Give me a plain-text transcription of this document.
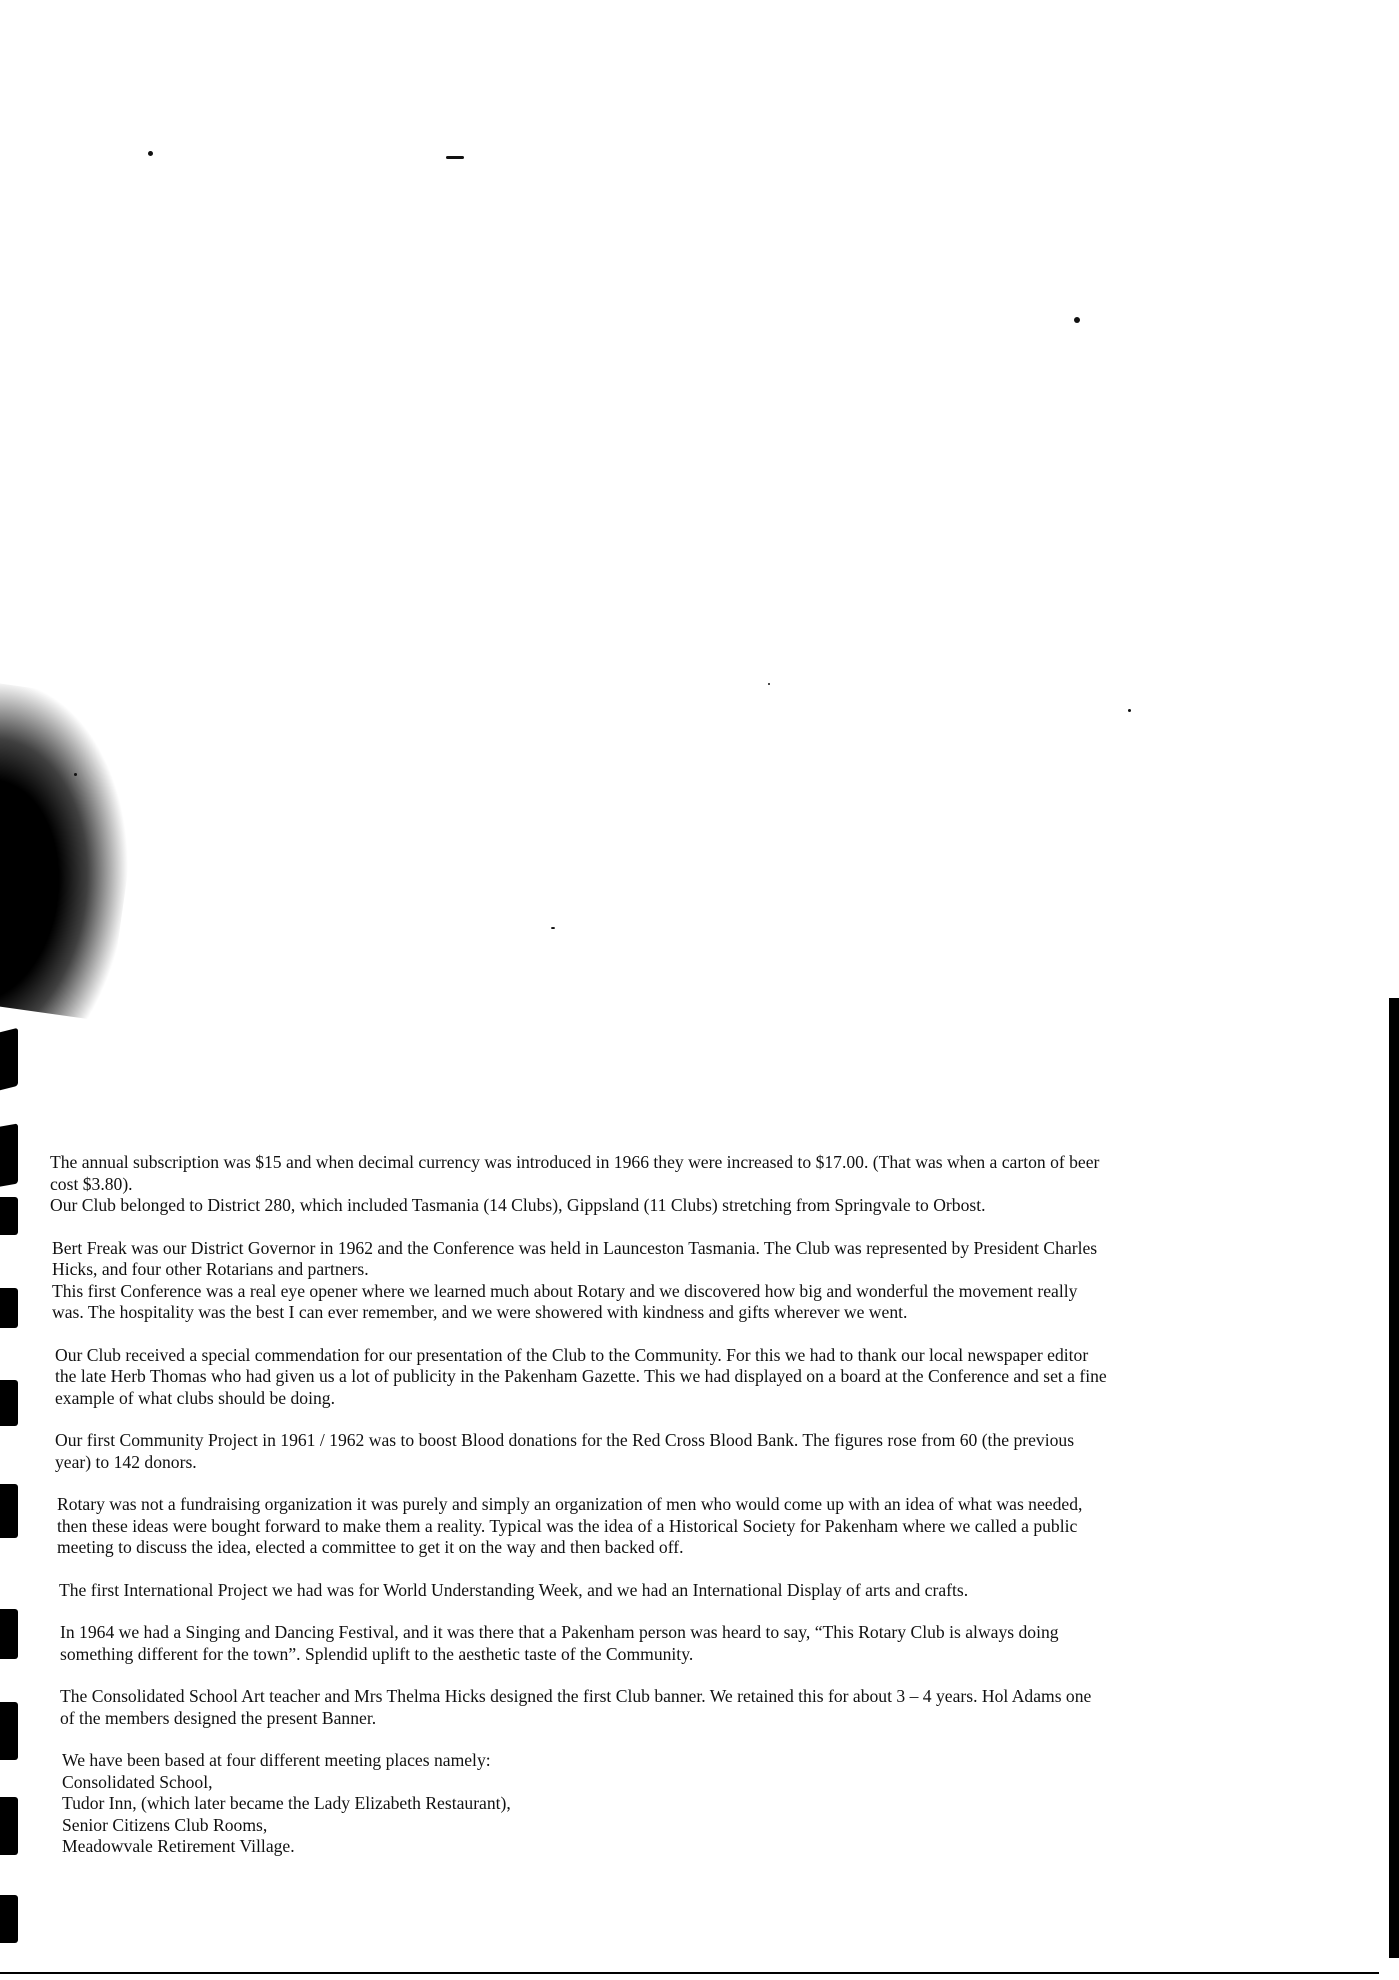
The annual subscription was $15 and when decimal currency was introduced in 1966 they were increased to $17.00. (That was when a carton of beer
cost $3.80).
Our Club belonged to District 280, which included Tasmania (14 Clubs), Gippsland (11 Clubs) stretching from Springvale to Orbost.

Bert Freak was our District Governor in 1962 and the Conference was held in Launceston Tasmania. The Club was represented by President Charles
Hicks, and four other Rotarians and partners.
This first Conference was a real eye opener where we learned much about Rotary and we discovered how big and wonderful the movement really
was. The hospitality was the best I can ever remember, and we were showered with kindness and gifts wherever we went.

Our Club received a special commendation for our presentation of the Club to the Community. For this we had to thank our local newspaper editor
the late Herb Thomas who had given us a lot of publicity in the Pakenham Gazette. This we had displayed on a board at the Conference and set a fine
example of what clubs should be doing.

Our first Community Project in 1961 / 1962 was to boost Blood donations for the Red Cross Blood Bank. The figures rose from 60 (the previous
year) to 142 donors.

Rotary was not a fundraising organization it was purely and simply an organization of men who would come up with an idea of what was needed,
then these ideas were bought forward to make them a reality. Typical was the idea of a Historical Society for Pakenham where we called a public
meeting to discuss the idea, elected a committee to get it on the way and then backed off.

The first International Project we had was for World Understanding Week, and we had an International Display of arts and crafts.

In 1964 we had a Singing and Dancing Festival, and it was there that a Pakenham person was heard to say, “This Rotary Club is always doing
something different for the town”. Splendid uplift to the aesthetic taste of the Community.

The Consolidated School Art teacher and Mrs Thelma Hicks designed the first Club banner. We retained this for about 3 – 4 years. Hol Adams one
of the members designed the present Banner.

We have been based at four different meeting places namely:
Consolidated School,
Tudor Inn, (which later became the Lady Elizabeth Restaurant),
Senior Citizens Club Rooms,
Meadowvale Retirement Village.
